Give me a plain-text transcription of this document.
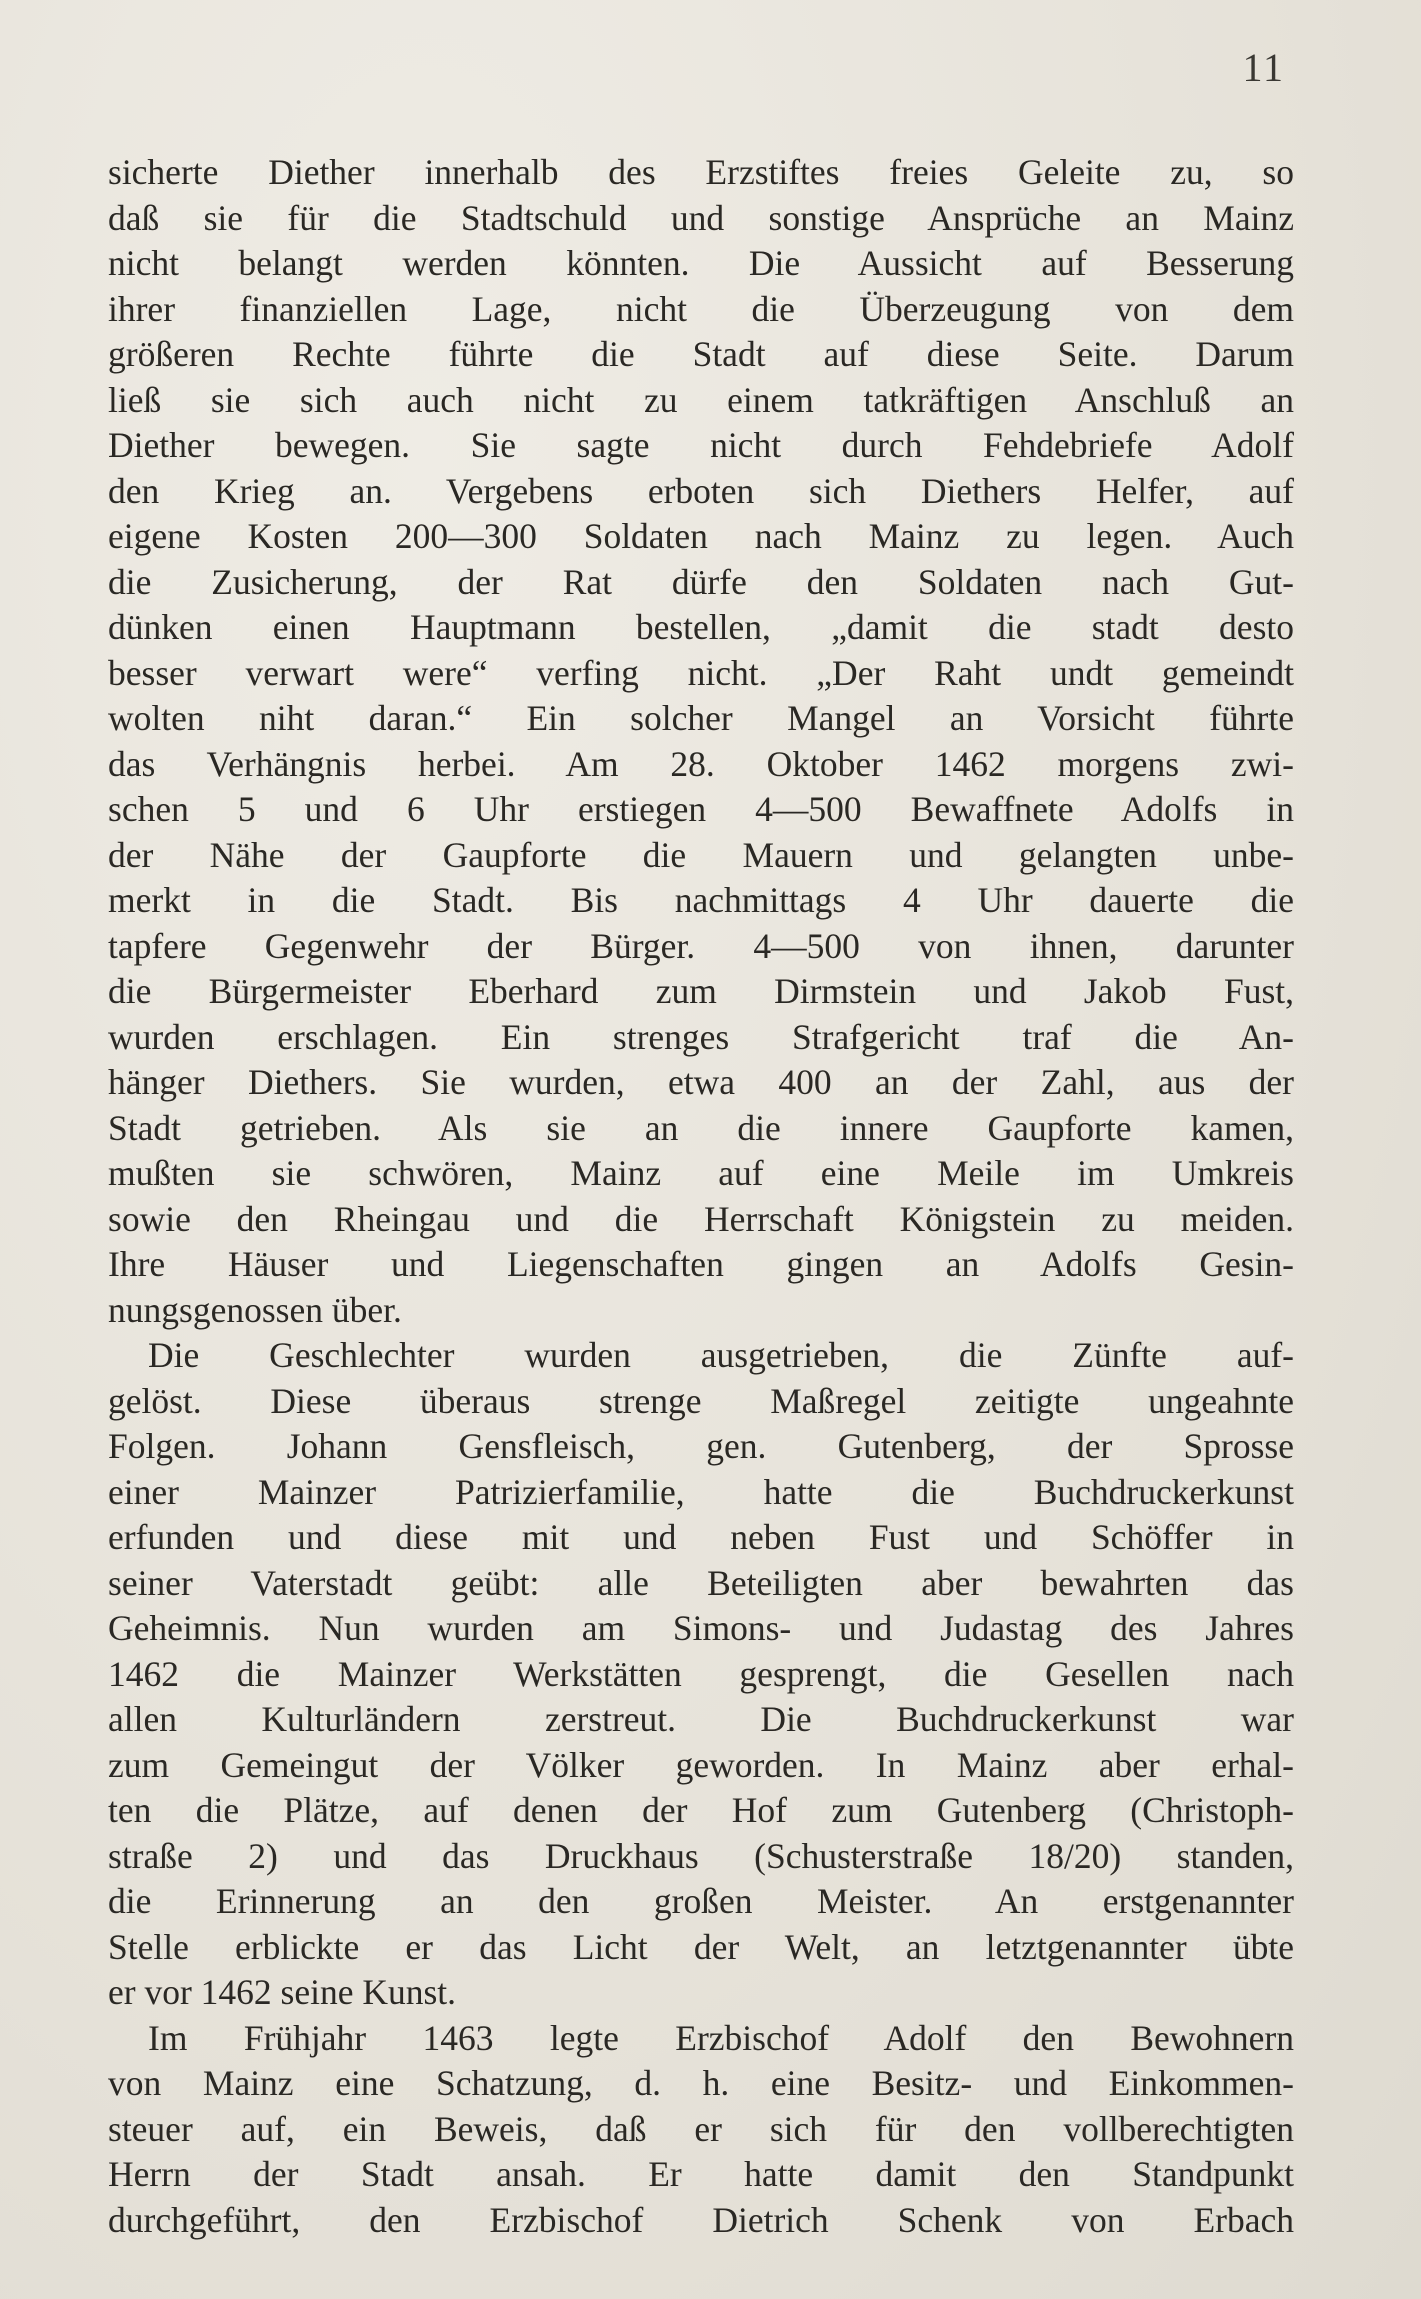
11
sicherte Diether innerhalb des Erzstiftes freies Geleite zu, so
daß sie für die Stadtschuld und sonstige Ansprüche an Mainz
nicht belangt werden könnten. Die Aussicht auf Besserung
ihrer finanziellen Lage, nicht die Überzeugung von dem
größeren Rechte führte die Stadt auf diese Seite. Darum
ließ sie sich auch nicht zu einem tatkräftigen Anschluß an
Diether bewegen. Sie sagte nicht durch Fehdebriefe Adolf
den Krieg an. Vergebens erboten sich Diethers Helfer, auf
eigene Kosten 200—300 Soldaten nach Mainz zu legen. Auch
die Zusicherung, der Rat dürfe den Soldaten nach Gut-
dünken einen Hauptmann bestellen, „damit die stadt desto
besser verwart were“ verfing nicht. „Der Raht undt gemeindt
wolten niht daran.“ Ein solcher Mangel an Vorsicht führte
das Verhängnis herbei. Am 28. Oktober 1462 morgens zwi-
schen 5 und 6 Uhr erstiegen 4—500 Bewaffnete Adolfs in
der Nähe der Gaupforte die Mauern und gelangten unbe-
merkt in die Stadt. Bis nachmittags 4 Uhr dauerte die
tapfere Gegenwehr der Bürger. 4—500 von ihnen, darunter
die Bürgermeister Eberhard zum Dirmstein und Jakob Fust,
wurden erschlagen. Ein strenges Strafgericht traf die An-
hänger Diethers. Sie wurden, etwa 400 an der Zahl, aus der
Stadt getrieben. Als sie an die innere Gaupforte kamen,
mußten sie schwören, Mainz auf eine Meile im Umkreis
sowie den Rheingau und die Herrschaft Königstein zu meiden.
Ihre Häuser und Liegenschaften gingen an Adolfs Gesin-
nungsgenossen über.
Die Geschlechter wurden ausgetrieben, die Zünfte auf-
gelöst. Diese überaus strenge Maßregel zeitigte ungeahnte
Folgen. Johann Gensfleisch, gen. Gutenberg, der Sprosse
einer Mainzer Patrizierfamilie, hatte die Buchdruckerkunst
erfunden und diese mit und neben Fust und Schöffer in
seiner Vaterstadt geübt: alle Beteiligten aber bewahrten das
Geheimnis. Nun wurden am Simons- und Judastag des Jahres
1462 die Mainzer Werkstätten gesprengt, die Gesellen nach
allen Kulturländern zerstreut. Die Buchdruckerkunst war
zum Gemeingut der Völker geworden. In Mainz aber erhal-
ten die Plätze, auf denen der Hof zum Gutenberg (Christoph-
straße 2) und das Druckhaus (Schusterstraße 18/20) standen,
die Erinnerung an den großen Meister. An erstgenannter
Stelle erblickte er das Licht der Welt, an letztgenannter übte
er vor 1462 seine Kunst.
Im Frühjahr 1463 legte Erzbischof Adolf den Bewohnern
von Mainz eine Schatzung, d. h. eine Besitz- und Einkommen-
steuer auf, ein Beweis, daß er sich für den vollberechtigten
Herrn der Stadt ansah. Er hatte damit den Standpunkt
durchgeführt, den Erzbischof Dietrich Schenk von Erbach
